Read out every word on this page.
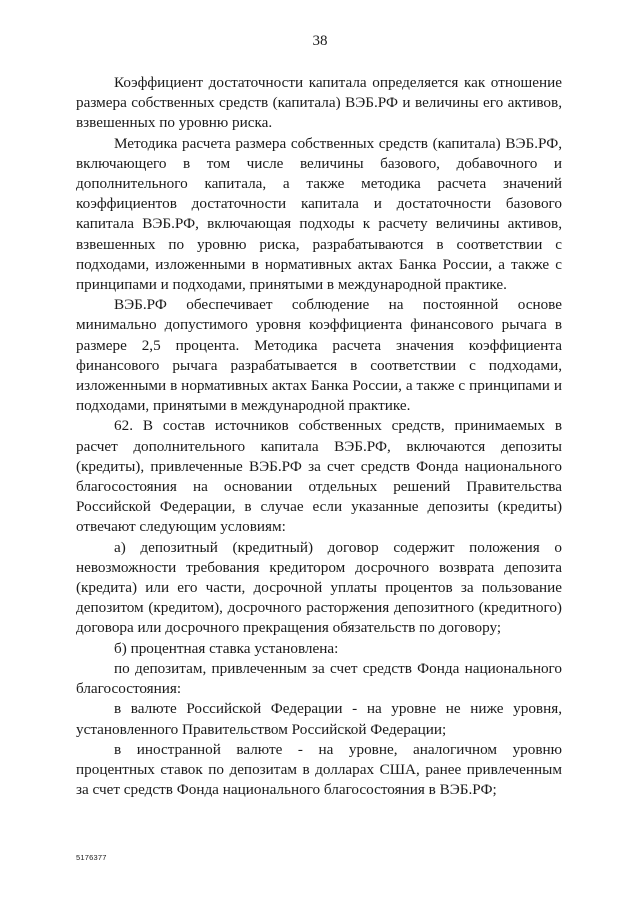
38

Коэффициент достаточности капитала определяется как отношение размера собственных средств (капитала) ВЭБ.РФ и величины его активов, взвешенных по уровню риска.

Методика расчета размера собственных средств (капитала) ВЭБ.РФ, включающего в том числе величины базового, добавочного и дополнительного капитала, а также методика расчета значений коэффициентов достаточности капитала и достаточности базового капитала ВЭБ.РФ, включающая подходы к расчету величины активов, взвешенных по уровню риска, разрабатываются в соответствии с подходами, изложенными в нормативных актах Банка России, а также с принципами и подходами, принятыми в международной практике.

ВЭБ.РФ обеспечивает соблюдение на постоянной основе минимально допустимого уровня коэффициента финансового рычага в размере 2,5 процента. Методика расчета значения коэффициента финансового рычага разрабатывается в соответствии с подходами, изложенными в нормативных актах Банка России, а также с принципами и подходами, принятыми в международной практике.

62. В состав источников собственных средств, принимаемых в расчет дополнительного капитала ВЭБ.РФ, включаются депозиты (кредиты), привлеченные ВЭБ.РФ за счет средств Фонда национального благосостояния на основании отдельных решений Правительства Российской Федерации, в случае если указанные депозиты (кредиты) отвечают следующим условиям:

а) депозитный (кредитный) договор содержит положения о невозможности требования кредитором досрочного возврата депозита (кредита) или его части, досрочной уплаты процентов за пользование депозитом (кредитом), досрочного расторжения депозитного (кредитного) договора или досрочного прекращения обязательств по договору;

б) процентная ставка установлена:

по депозитам, привлеченным за счет средств Фонда национального благосостояния:

в валюте Российской Федерации - на уровне не ниже уровня, установленного Правительством Российской Федерации;

в иностранной валюте - на уровне, аналогичном уровню процентных ставок по депозитам в долларах США, ранее привлеченным за счет средств Фонда национального благосостояния в ВЭБ.РФ;

5176377
